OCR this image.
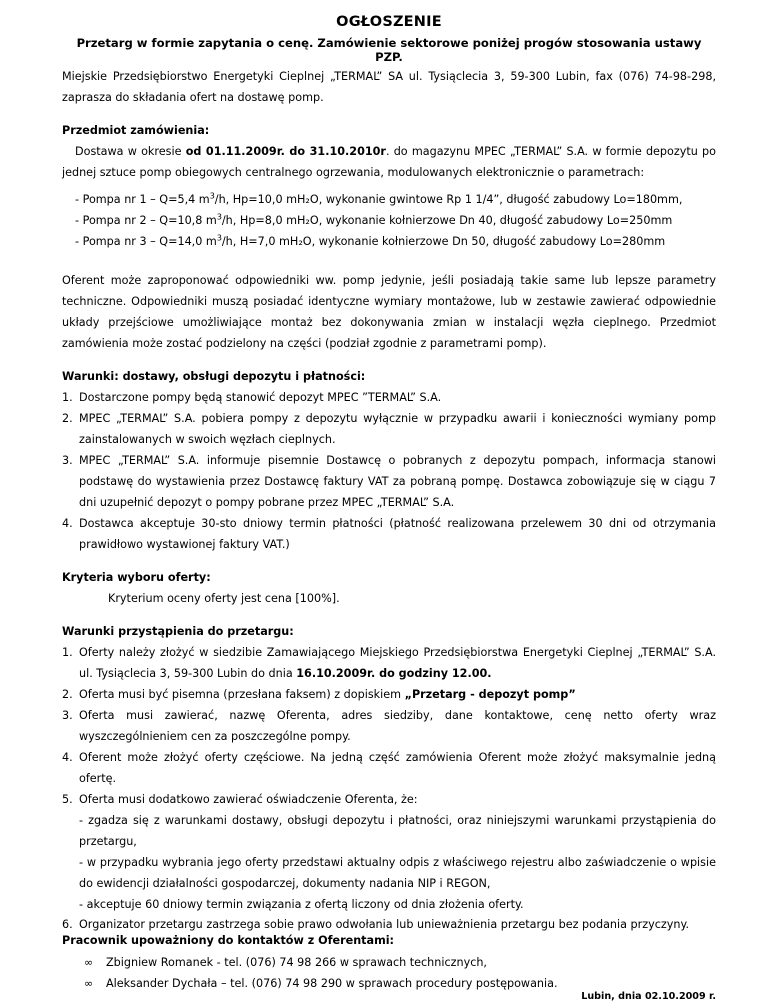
OGŁOSZENIE
Przetarg w formie zapytania o cenę. Zamówienie sektorowe poniżej progów stosowania ustawy PZP.

Miejskie Przedsiębiorstwo Energetyki Cieplnej „TERMAL” SA ul. Tysiąclecia 3, 59-300 Lubin, fax (076) 74-98-298, zaprasza do składania ofert na dostawę pomp.

Przedmiot zamówienia:

Dostawa w okresie od 01.11.2009r. do 31.10.2010r. do magazynu MPEC „TERMAL” S.A. w formie depozytu po jednej sztuce pomp obiegowych centralnego ogrzewania, modulowanych elektronicznie o parametrach:

- Pompa nr 1 – Q=5,4 $m^3/h$, Hp=10,0 mH₂O, wykonanie gwintowe Rp 1 1/4”, długość zabudowy Lo=180mm,
- Pompa nr 2 – Q=10,8 $m^3/h$, Hp=8,0 mH₂O, wykonanie kołnierzowe Dn 40, długość zabudowy Lo=250mm
- Pompa nr 3 – Q=14,0 $m^3/h$, H=7,0 mH₂O, wykonanie kołnierzowe Dn 50, długość zabudowy Lo=280mm

Oferent może zaproponować odpowiedniki ww. pomp jedynie, jeśli posiadają takie same lub lepsze parametry techniczne. Odpowiedniki muszą posiadać identyczne wymiary montażowe, lub w zestawie zawierać odpowiednie układy przejściowe umożliwiające montaż bez dokonywania zmian w instalacji węzła cieplnego. Przedmiot zamówienia może zostać podzielony na części (podział zgodnie z parametrami pomp).

Warunki: dostawy, obsługi depozytu i płatności:
1. Dostarczone pompy będą stanowić depozyt MPEC ”TERMAL” S.A.
2. MPEC „TERMAL” S.A. pobiera pompy z depozytu wyłącznie w przypadku awarii i konieczności wymiany pomp zainstalowanych w swoich węzłach cieplnych.
3. MPEC „TERMAL” S.A. informuje pisemnie Dostawcę o pobranych z depozytu pompach, informacja stanowi podstawę do wystawienia przez Dostawcę faktury VAT za pobraną pompę. Dostawca zobowiązuje się w ciągu 7 dni uzupełnić depozyt o pompy pobrane przez MPEC „TERMAL” S.A.
4. Dostawca akceptuje 30-sto dniowy termin płatności (płatność realizowana przelewem 30 dni od otrzymania prawidłowo wystawionej faktury VAT.)
Kryteria wyboru oferty:
Kryterium oceny oferty jest cena [100%].
Warunki przystąpienia do przetargu:
1. Oferty należy złożyć w siedzibie Zamawiającego Miejskiego Przedsiębiorstwa Energetyki Cieplnej „TERMAL” S.A. ul. Tysiąclecia 3, 59-300 Lubin do dnia 16.10.2009r. do godziny 12.00.
2. Oferta musi być pisemna (przesłana faksem) z dopiskiem „Przetarg - depozyt pomp”
3. Oferta musi zawierać, nazwę Oferenta, adres siedziby, dane kontaktowe, cenę netto oferty wraz wyszczególnieniem cen za poszczególne pompy.
4. Oferent może złożyć oferty częściowe. Na jedną część zamówienia Oferent może złożyć maksymalnie jedną ofertę.
5. Oferta musi dodatkowo zawierać oświadczenie Oferenta, że:
- zgadza się z warunkami dostawy, obsługi depozytu i płatności, oraz niniejszymi warunkami przystąpienia do przetargu,
- w przypadku wybrania jego oferty przedstawi aktualny odpis z właściwego rejestru albo zaświadczenie o wpisie do ewidencji działalności gospodarczej, dokumenty nadania NIP i REGON,
- akceptuje 60 dniowy termin związania z ofertą liczony od dnia złożenia oferty.
6. Organizator przetargu zastrzega sobie prawo odwołania lub unieważnienia przetargu bez podania przyczyny.
Pracownik upoważniony do kontaktów z Oferentami:
∞ Zbigniew Romanek - tel. (076) 74 98 266 w sprawach technicznych,
∞ Aleksander Dychała – tel. (076) 74 98 290 w sprawach procedury postępowania.
Lubin, dnia 02.10.2009 r.
